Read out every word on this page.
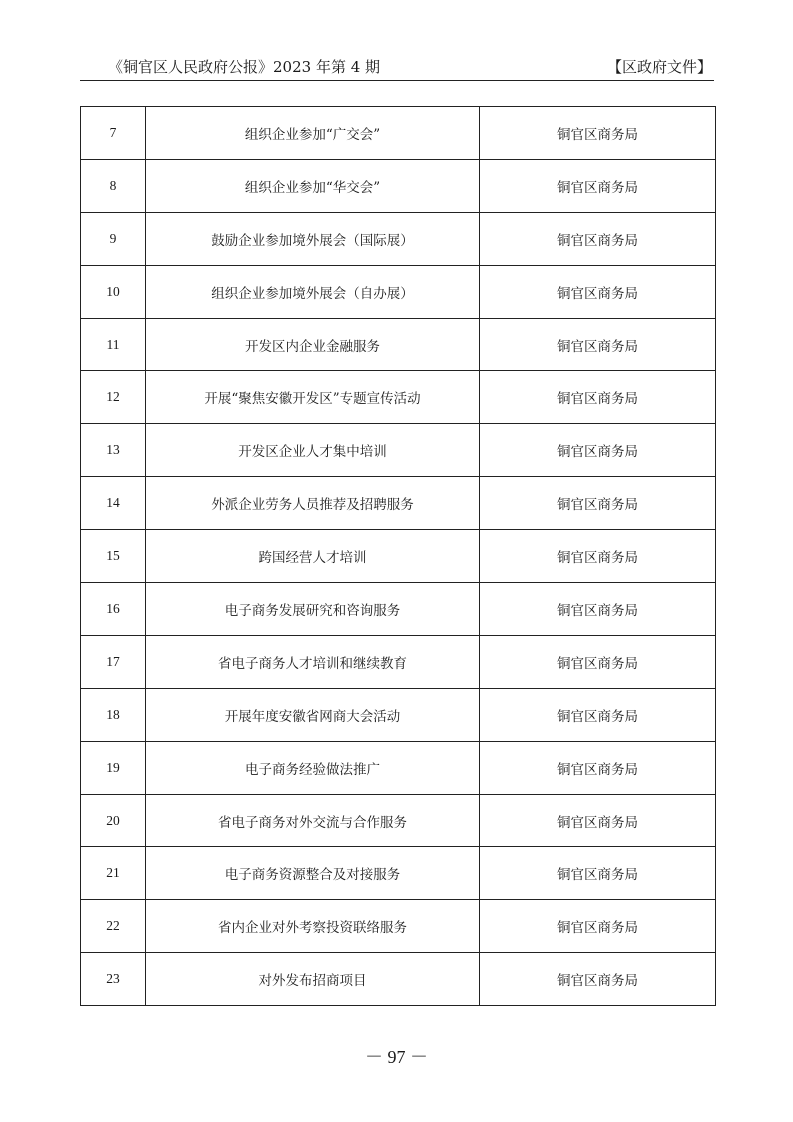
《铜官区人民政府公报》2023 年第 4 期	【区政府文件】
7	组织企业参加“广交会”	铜官区商务局
8	组织企业参加“华交会”	铜官区商务局
9	鼓励企业参加境外展会（国际展）	铜官区商务局
10	组织企业参加境外展会（自办展）	铜官区商务局
11	开发区内企业金融服务	铜官区商务局
12	开展“聚焦安徽开发区”专题宣传活动	铜官区商务局
13	开发区企业人才集中培训	铜官区商务局
14	外派企业劳务人员推荐及招聘服务	铜官区商务局
15	跨国经营人才培训	铜官区商务局
16	电子商务发展研究和咨询服务	铜官区商务局
17	省电子商务人才培训和继续教育	铜官区商务局
18	开展年度安徽省网商大会活动	铜官区商务局
19	电子商务经验做法推广	铜官区商务局
20	省电子商务对外交流与合作服务	铜官区商务局
21	电子商务资源整合及对接服务	铜官区商务局
22	省内企业对外考察投资联络服务	铜官区商务局
23	对外发布招商项目	铜官区商务局
－ 97 －
